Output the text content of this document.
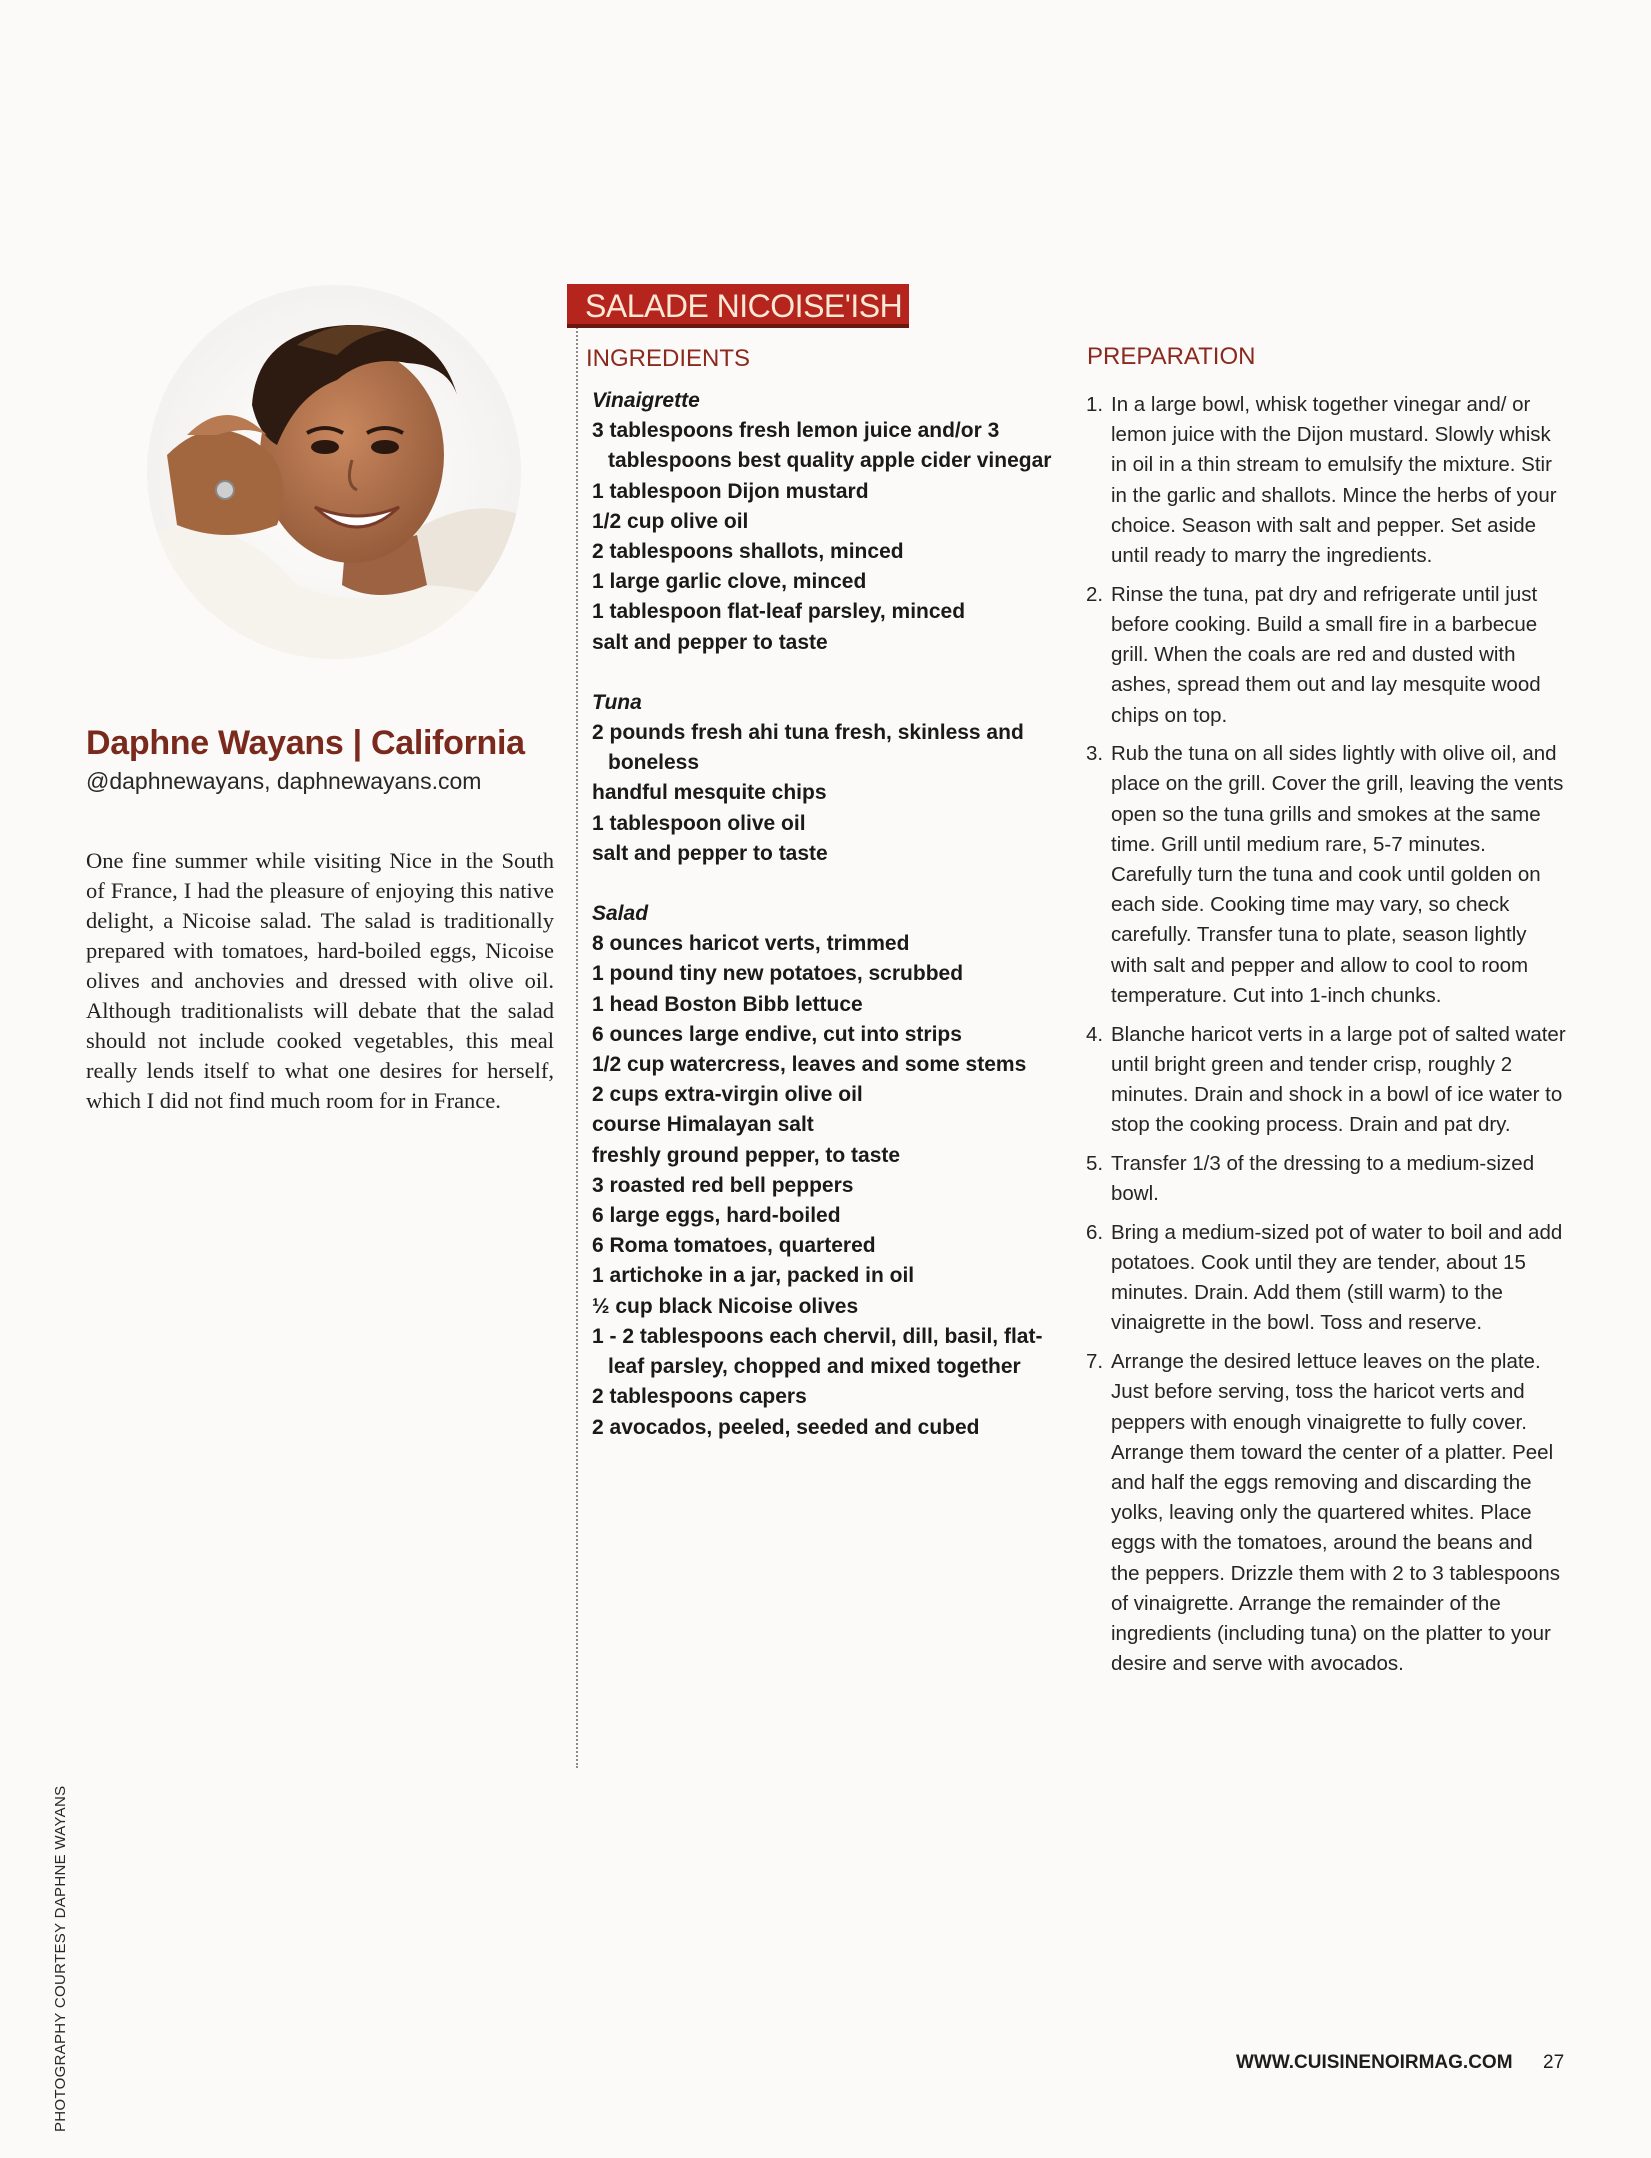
Daphne Wayans | California
@daphnewayans, daphnewayans.com

One fine summer while visiting Nice in the South of France, I had the pleasure of enjoying this native delight, a Nicoise salad. The salad is traditionally prepared with tomatoes, hard-boiled eggs, Nicoise olives and anchovies and dressed with olive oil. Although traditionalists will debate that the salad should not include cooked vegetables, this meal really lends itself to what one desires for herself, which I did not find much room for in France.

SALADE NICOISE'ISH
INGREDIENTS

Vinaigrette

3 tablespoons fresh lemon juice and/or 3 tablespoons best quality apple cider vinegar
1 tablespoon Dijon mustard
1/2 cup olive oil
2 tablespoons shallots, minced
1 large garlic clove, minced
1 tablespoon flat-leaf parsley, minced
salt and pepper to taste

Tuna

2 pounds fresh ahi tuna fresh, skinless and boneless
handful mesquite chips
1 tablespoon olive oil
salt and pepper to taste

Salad

8 ounces haricot verts, trimmed
1 pound tiny new potatoes, scrubbed
1 head Boston Bibb lettuce
6 ounces large endive, cut into strips
1/2 cup watercress, leaves and some stems
2 cups extra-virgin olive oil
course Himalayan salt
freshly ground pepper, to taste
3 roasted red bell peppers
6 large eggs, hard-boiled
6 Roma tomatoes, quartered
1 artichoke in a jar, packed in oil
½ cup black Nicoise olives
1 - 2 tablespoons each chervil, dill, basil, flat-leaf parsley, chopped and mixed together
2 tablespoons capers
2 avocados, peeled, seeded and cubed
PREPARATION
1. In a large bowl, whisk together vinegar and/ or lemon juice with the Dijon mustard. Slowly whisk in oil in a thin stream to emulsify the mixture. Stir in the garlic and shallots. Mince the herbs of your choice. Season with salt and pepper. Set aside until ready to marry the ingredients.
2. Rinse the tuna, pat dry and refrigerate until just before cooking. Build a small fire in a barbecue grill. When the coals are red and dusted with ashes, spread them out and lay mesquite wood chips on top.
3. Rub the tuna on all sides lightly with olive oil, and place on the grill. Cover the grill, leaving the vents open so the tuna grills and smokes at the same time. Grill until medium rare, 5-7 minutes. Carefully turn the tuna and cook until golden on each side. Cooking time may vary, so check carefully. Transfer tuna to plate, season lightly with salt and pepper and allow to cool to room temperature. Cut into 1-inch chunks.
4. Blanche haricot verts in a large pot of salted water until bright green and tender crisp, roughly 2 minutes. Drain and shock in a bowl of ice water to stop the cooking process. Drain and pat dry.
5. Transfer 1/3 of the dressing to a medium-sized bowl.
6. Bring a medium-sized pot of water to boil and add potatoes. Cook until they are tender, about 15 minutes. Drain. Add them (still warm) to the vinaigrette in the bowl. Toss and reserve.
7. Arrange the desired lettuce leaves on the plate. Just before serving, toss the haricot verts and peppers with enough vinaigrette to fully cover. Arrange them toward the center of a platter. Peel and half the eggs removing and discarding the yolks, leaving only the quartered whites. Place eggs with the tomatoes, around the beans and the peppers. Drizzle them with 2 to 3 tablespoons of vinaigrette. Arrange the remainder of the ingredients (including tuna) on the platter to your desire and serve with avocados.
PHOTOGRAPHY COURTESY DAPHNE WAYANS	WWW.CUISINENOIRMAG.COM 27
